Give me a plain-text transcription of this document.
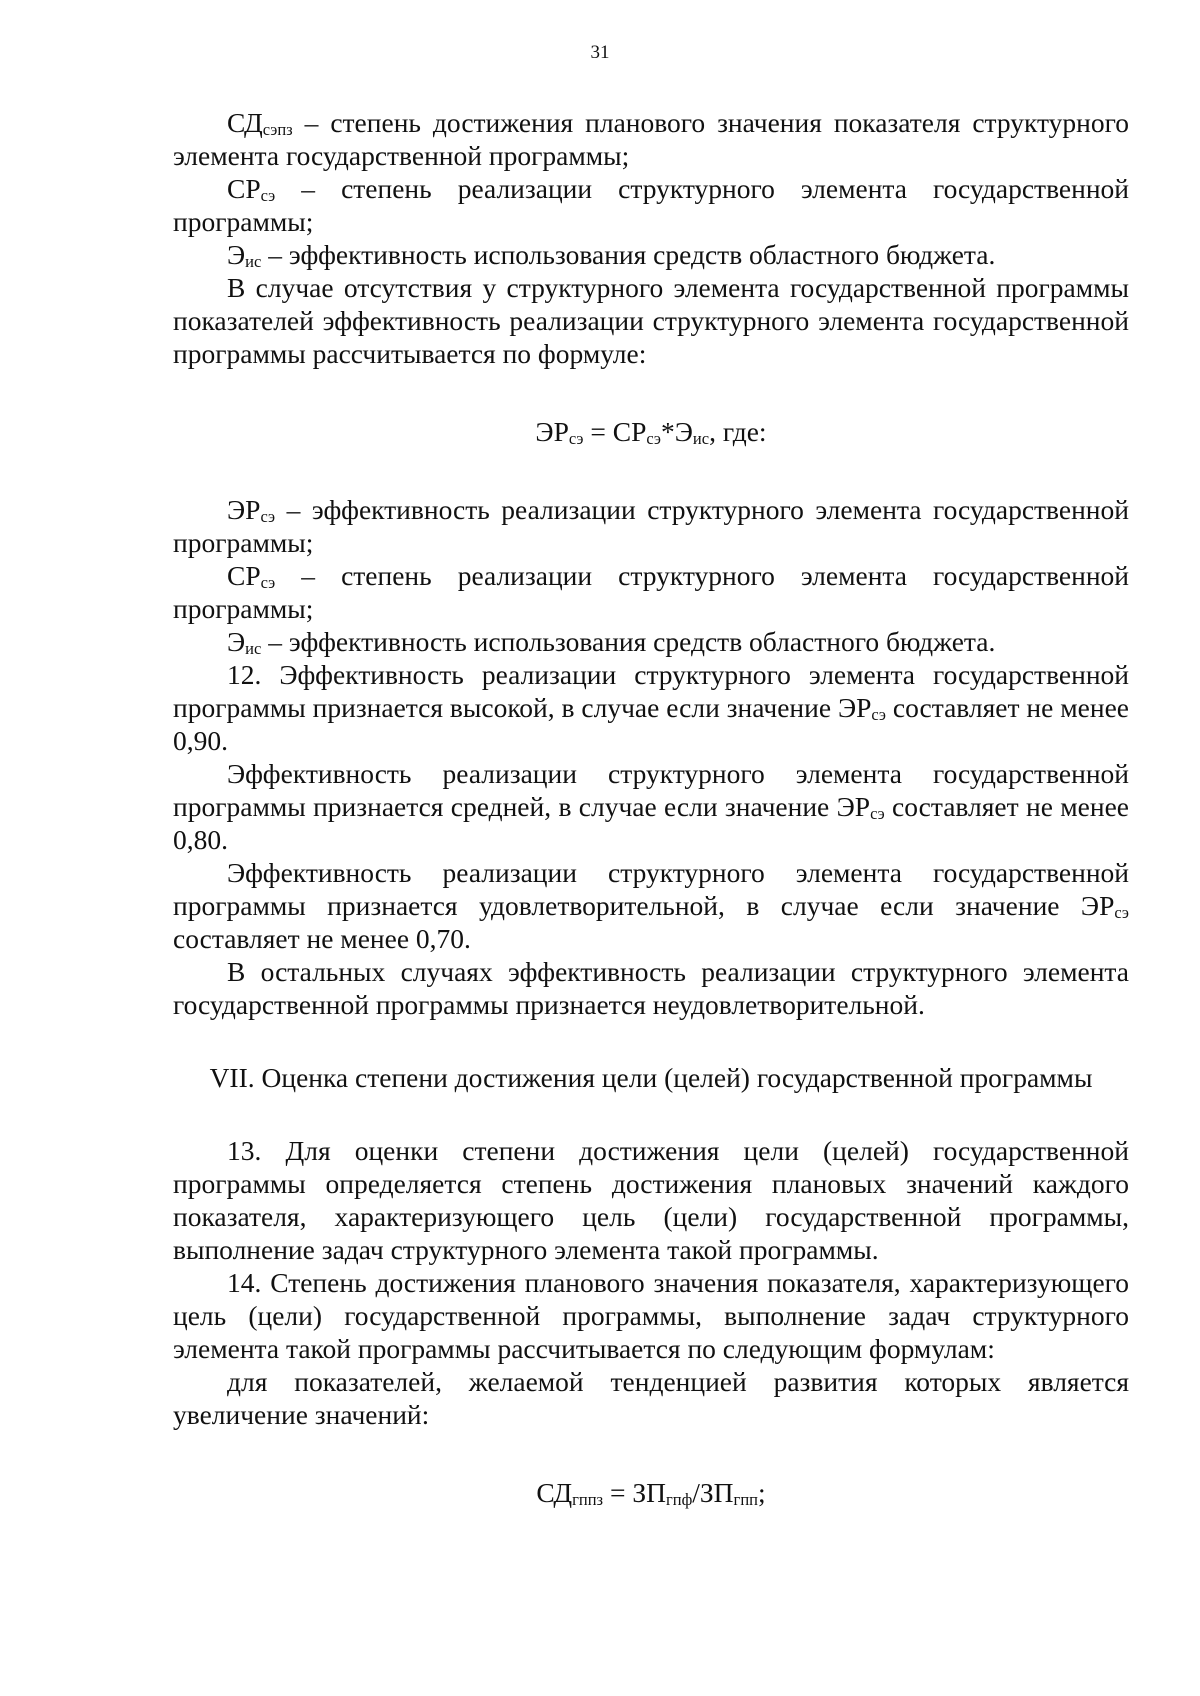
31

$СД_{сэпз}$ – степень достижения планового значения показателя структурного элемента государственной программы;

$СР_{сэ}$ – степень реализации структурного элемента государственной программы;

$Э_{ис}$ – эффективность использования средств областного бюджета.

В случае отсутствия у структурного элемента государственной программы показателей эффективность реализации структурного элемента государственной программы рассчитывается по формуле:

$ЭР_{сэ} = СР_{сэ}*Э_{ис}$, где:

$ЭР_{сэ}$ – эффективность реализации структурного элемента государственной программы;

$СР_{сэ}$ – степень реализации структурного элемента государственной программы;

$Э_{ис}$ – эффективность использования средств областного бюджета.

12. Эффективность реализации структурного элемента государственной программы признается высокой, в случае если значение $ЭР_{сэ}$ составляет не менее 0,90.

Эффективность реализации структурного элемента государственной программы признается средней, в случае если значение $ЭР_{сэ}$ составляет не менее 0,80.

Эффективность реализации структурного элемента государственной программы признается удовлетворительной, в случае если значение $ЭР_{сэ}$ составляет не менее 0,70.

В остальных случаях эффективность реализации структурного элемента государственной программы признается неудовлетворительной.

VII. Оценка степени достижения цели (целей) государственной программы

13. Для оценки степени достижения цели (целей) государственной программы определяется степень достижения плановых значений каждого показателя, характеризующего цель (цели) государственной программы, выполнение задач структурного элемента такой программы.

14. Степень достижения планового значения показателя, характеризующего цель (цели) государственной программы, выполнение задач структурного элемента такой программы рассчитывается по следующим формулам:

для показателей, желаемой тенденцией развития которых является увеличение значений:

$СД_{гппз} = ЗП_{гпф}/ЗП_{гпп}$;
